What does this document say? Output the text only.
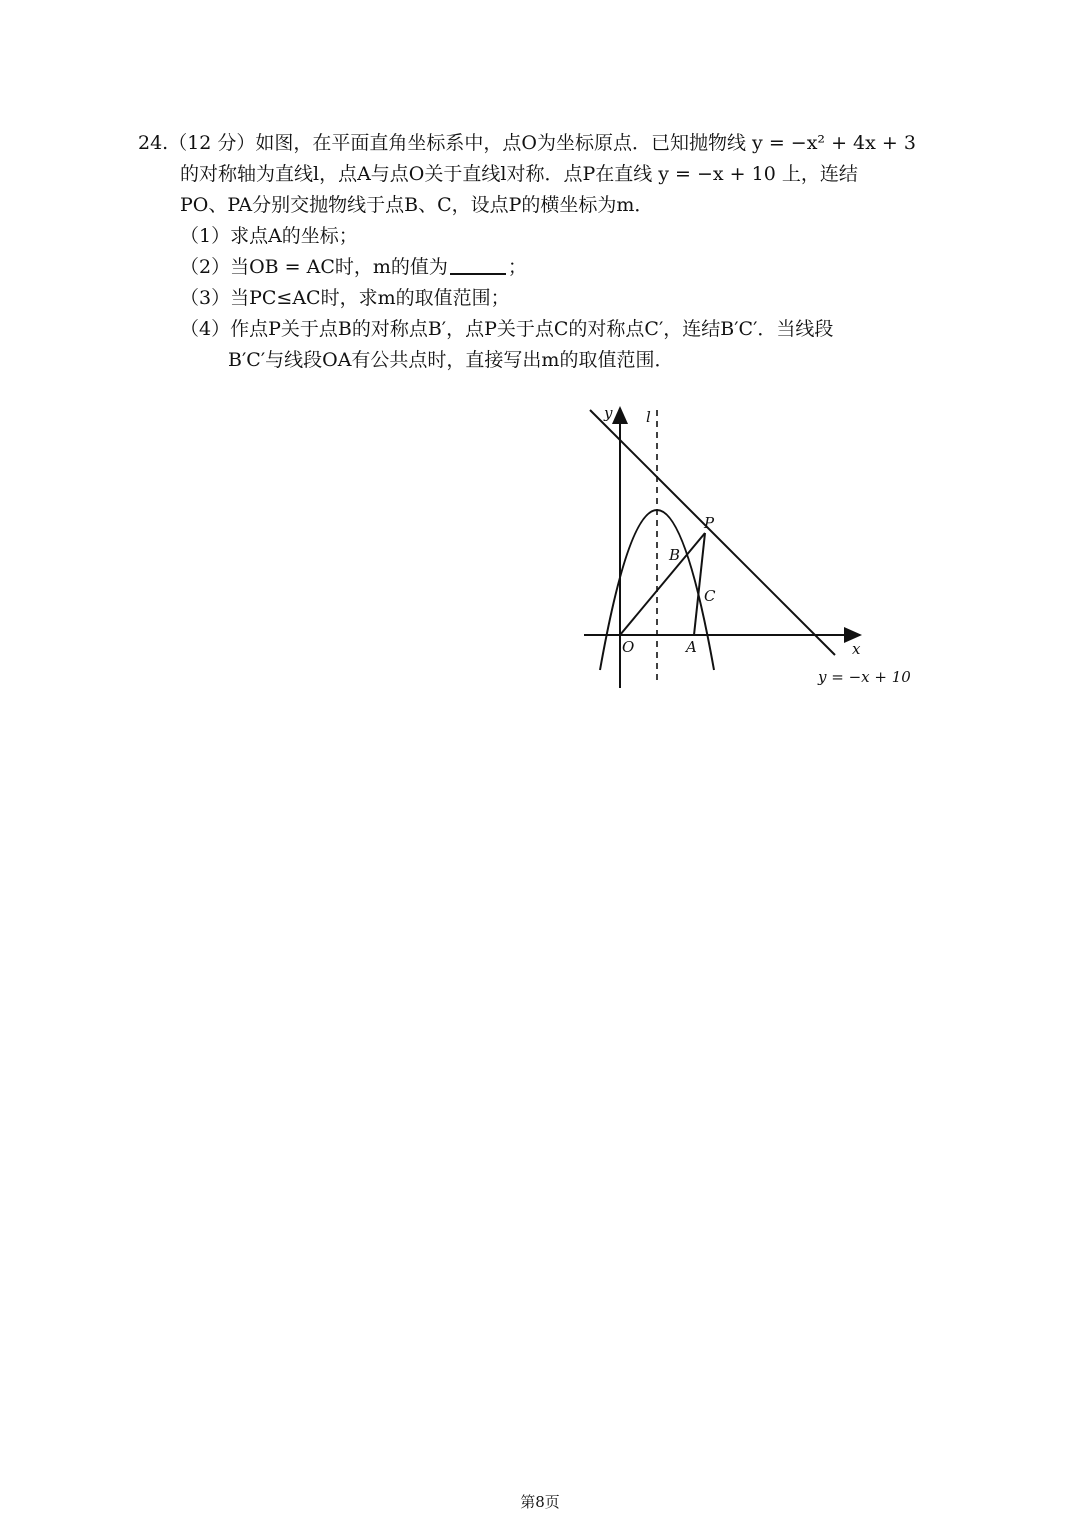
24.（12 分）如图，在平面直角坐标系中，点O为坐标原点．已知抛物线 y = −x² + 4x + 3
的对称轴为直线l，点A与点O关于直线l对称．点P在直线 y = −x + 10 上，连结
PO、PA分别交抛物线于点B、C，设点P的横坐标为m．
（1）求点A的坐标；
（2）当OB = AC时，m的值为	；
（3）当PC≤AC时，求m的取值范围；
（4）作点P关于点B的对称点B′，点P关于点C的对称点C′，连结B′C′．当线段
B′C′与线段OA有公共点时，直接写出m的取值范围．
y l
x
O	A
B
C
P
y = −x + 10
第8页
